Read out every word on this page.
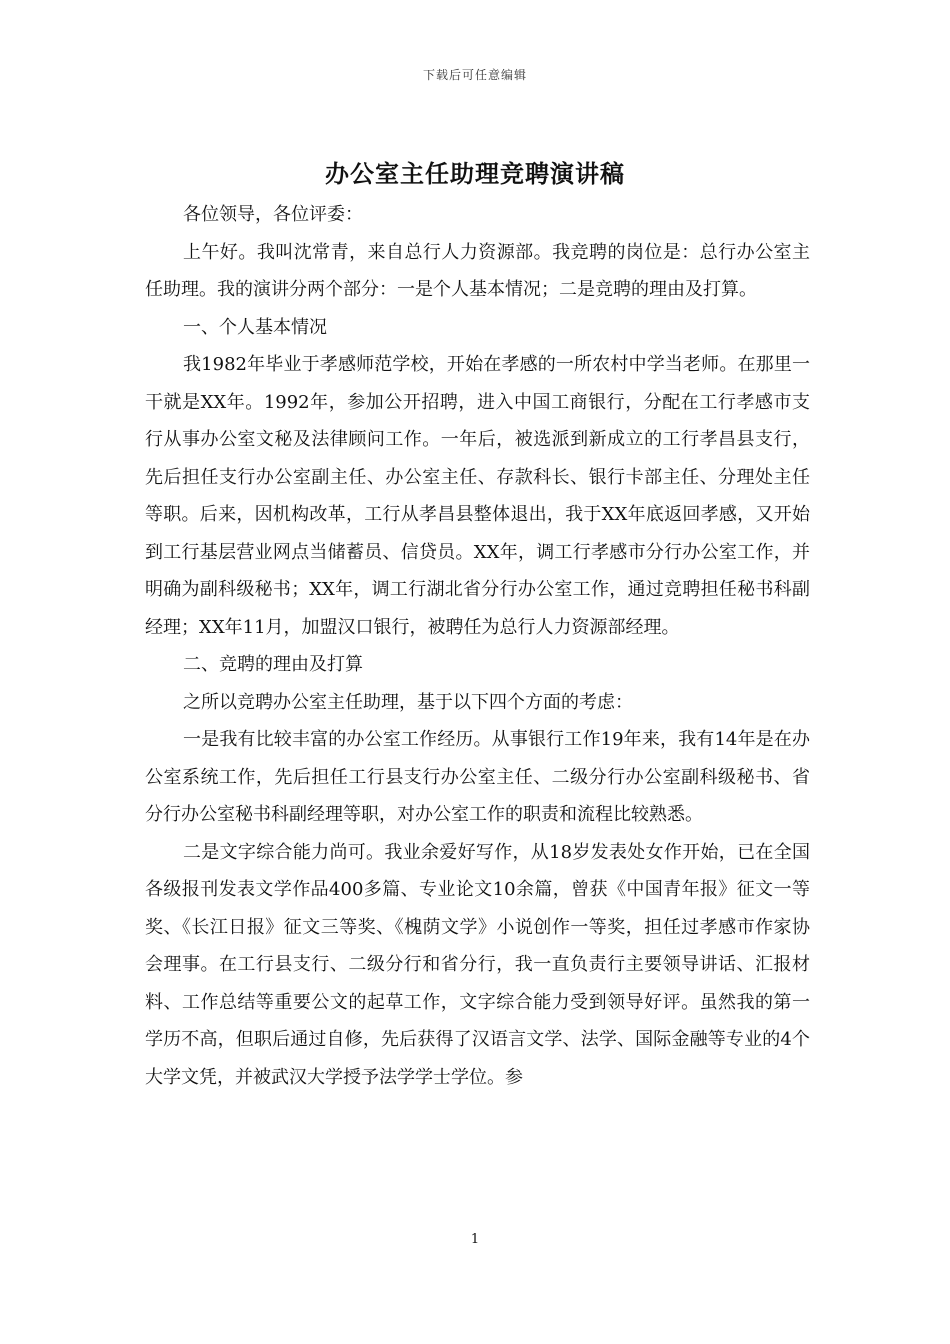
下载后可任意编辑
办公室主任助理竞聘演讲稿

各位领导，各位评委：

上午好。我叫沈常青，来自总行人力资源部。我竞聘的岗位是：总行办公室主任助理。我的演讲分两个部分：一是个人基本情况；二是竞聘的理由及打算。

一、个人基本情况

我1982年毕业于孝感师范学校，开始在孝感的一所农村中学当老师。在那里一干就是XX年。1992年，参加公开招聘，进入中国工商银行，分配在工行孝感市支行从事办公室文秘及法律顾问工作。一年后，被选派到新成立的工行孝昌县支行，先后担任支行办公室副主任、办公室主任、存款科长、银行卡部主任、分理处主任等职。后来，因机构改革，工行从孝昌县整体退出，我于XX年底返回孝感，又开始到工行基层营业网点当储蓄员、信贷员。XX年，调工行孝感市分行办公室工作，并明确为副科级秘书；XX年，调工行湖北省分行办公室工作，通过竞聘担任秘书科副经理；XX年11月，加盟汉口银行，被聘任为总行人力资源部经理。

二、竞聘的理由及打算

之所以竞聘办公室主任助理，基于以下四个方面的考虑：

一是我有比较丰富的办公室工作经历。从事银行工作19年来，我有14年是在办公室系统工作，先后担任工行县支行办公室主任、二级分行办公室副科级秘书、省分行办公室秘书科副经理等职，对办公室工作的职责和流程比较熟悉。

二是文字综合能力尚可。我业余爱好写作，从18岁发表处女作开始，已在全国各级报刊发表文学作品400多篇、专业论文10余篇，曾获《中国青年报》征文一等奖、《长江日报》征文三等奖、《槐荫文学》小说创作一等奖，担任过孝感市作家协会理事。在工行县支行、二级分行和省分行，我一直负责行主要领导讲话、汇报材料、工作总结等重要公文的起草工作，文字综合能力受到领导好评。虽然我的第一学历不高，但职后通过自修，先后获得了汉语言文学、法学、国际金融等专业的4个大学文凭，并被武汉大学授予法学学士学位。参

1
